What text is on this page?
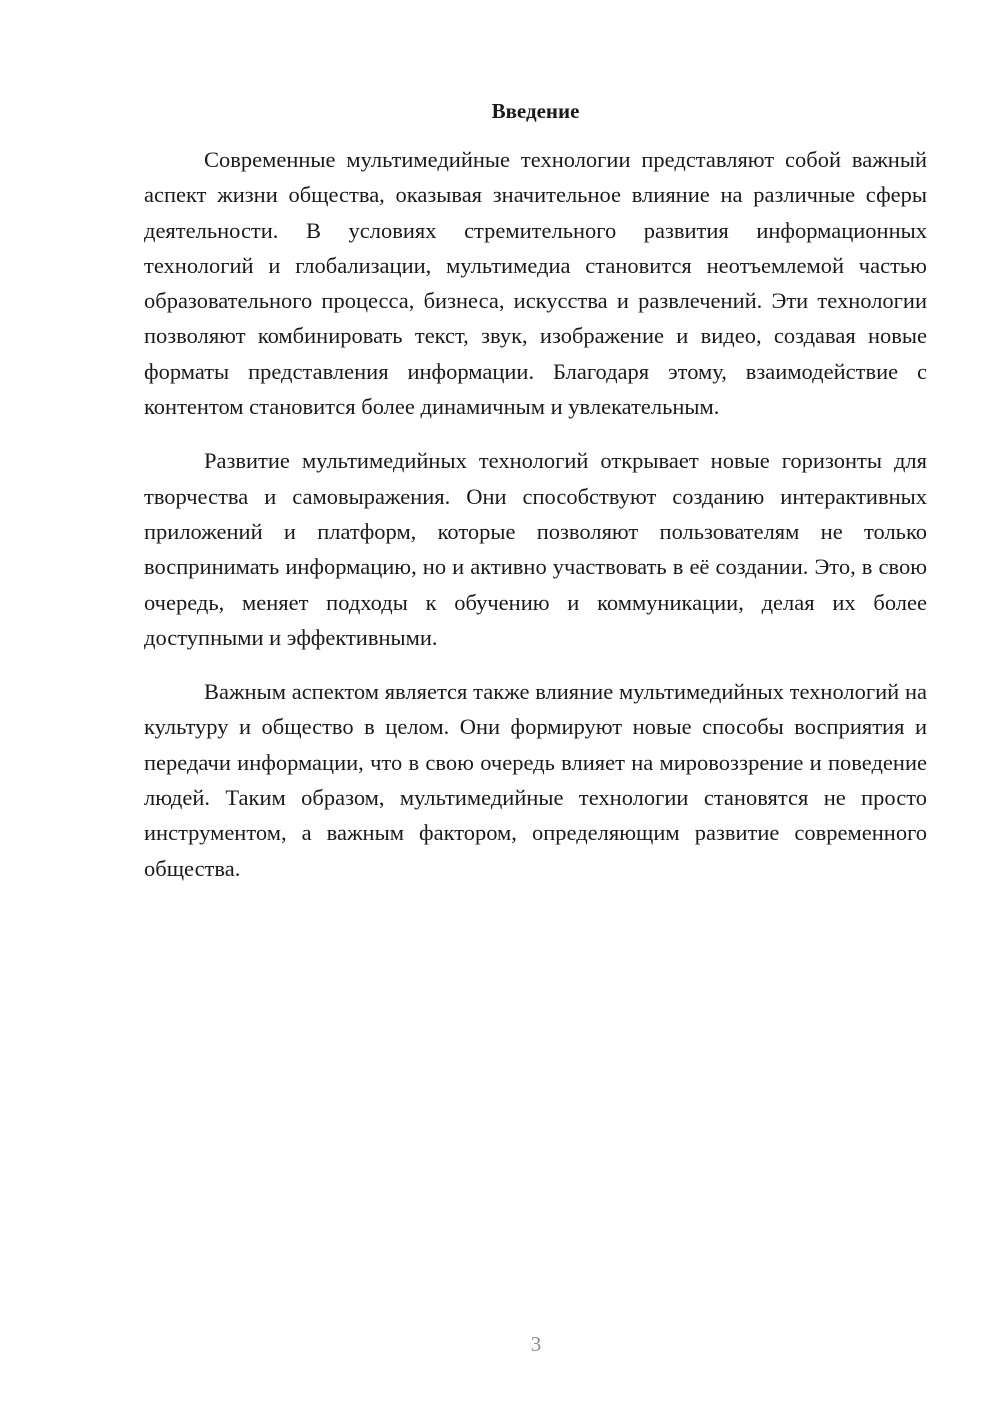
Введение

Современные мультимедийные технологии представляют собой важный аспект жизни общества, оказывая значительное влияние на различные сферы деятельности. В условиях стремительного развития информационных технологий и глобализации, мультимедиа становится неотъемлемой частью образовательного процесса, бизнеса, искусства и развлечений. Эти технологии позволяют комбинировать текст, звук, изображение и видео, создавая новые форматы представления информации. Благодаря этому, взаимодействие с контентом становится более динамичным и увлекательным.

Развитие мультимедийных технологий открывает новые горизонты для творчества и самовыражения. Они способствуют созданию интерактивных приложений и платформ, которые позволяют пользователям не только воспринимать информацию, но и активно участвовать в её создании. Это, в свою очередь, меняет подходы к обучению и коммуникации, делая их более доступными и эффективными.

Важным аспектом является также влияние мультимедийных технологий на культуру и общество в целом. Они формируют новые способы восприятия и передачи информации, что в свою очередь влияет на мировоззрение и поведение людей. Таким образом, мультимедийные технологии становятся не просто инструментом, а важным фактором, определяющим развитие современного общества.

3
